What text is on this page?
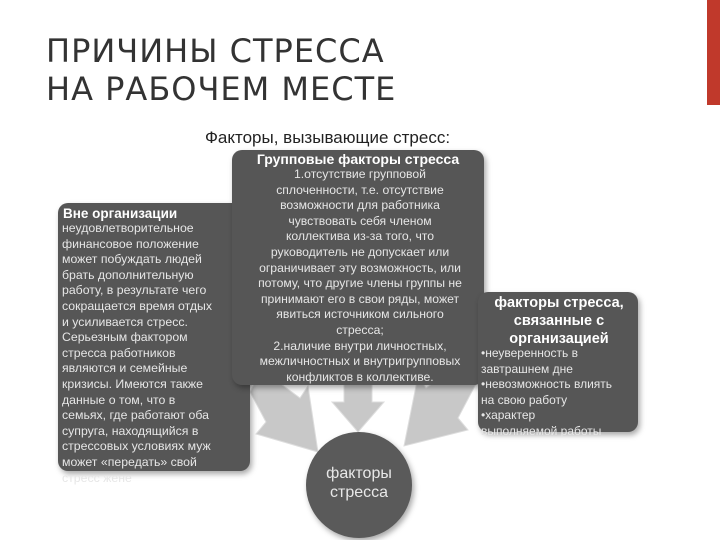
ПРИЧИНЫ СТРЕССА
НА РАБОЧЕМ МЕСТЕ
Факторы, вызывающие стресс:
Вне организации
неудовлетворительное
финансовое положение
может побуждать людей
брать дополнительную
работу, в результате чего
сокращается время отдых
и усиливается стресс.
Серьезным фактором
стресса работников
являются и семейные
кризисы. Имеются также
данные о том, что в
семьях, где работают оба
супруга, находящийся в
стрессовых условиях муж
может «передать» свой
стресс жене
Групповые факторы стресса

1.отсутствие групповой

сплоченности, т.е. отсутствие

возможности для работника

чувствовать себя членом

коллектива из-за того, что

руководитель не допускает или

ограничивает эту возможность, или

потому, что другие члены группы не

принимают его в свои ряды, может

явиться источником сильного

стресса;

2.наличие внутри личностных,

межличностных и внутригрупповых

конфликтов в коллективе.

факторы стресса,
связанные с
организацией
•неуверенность в
завтрашнем дне
•невозможность влиять
на свою работу
•характер
выполняемой работы
факторы
стресса
